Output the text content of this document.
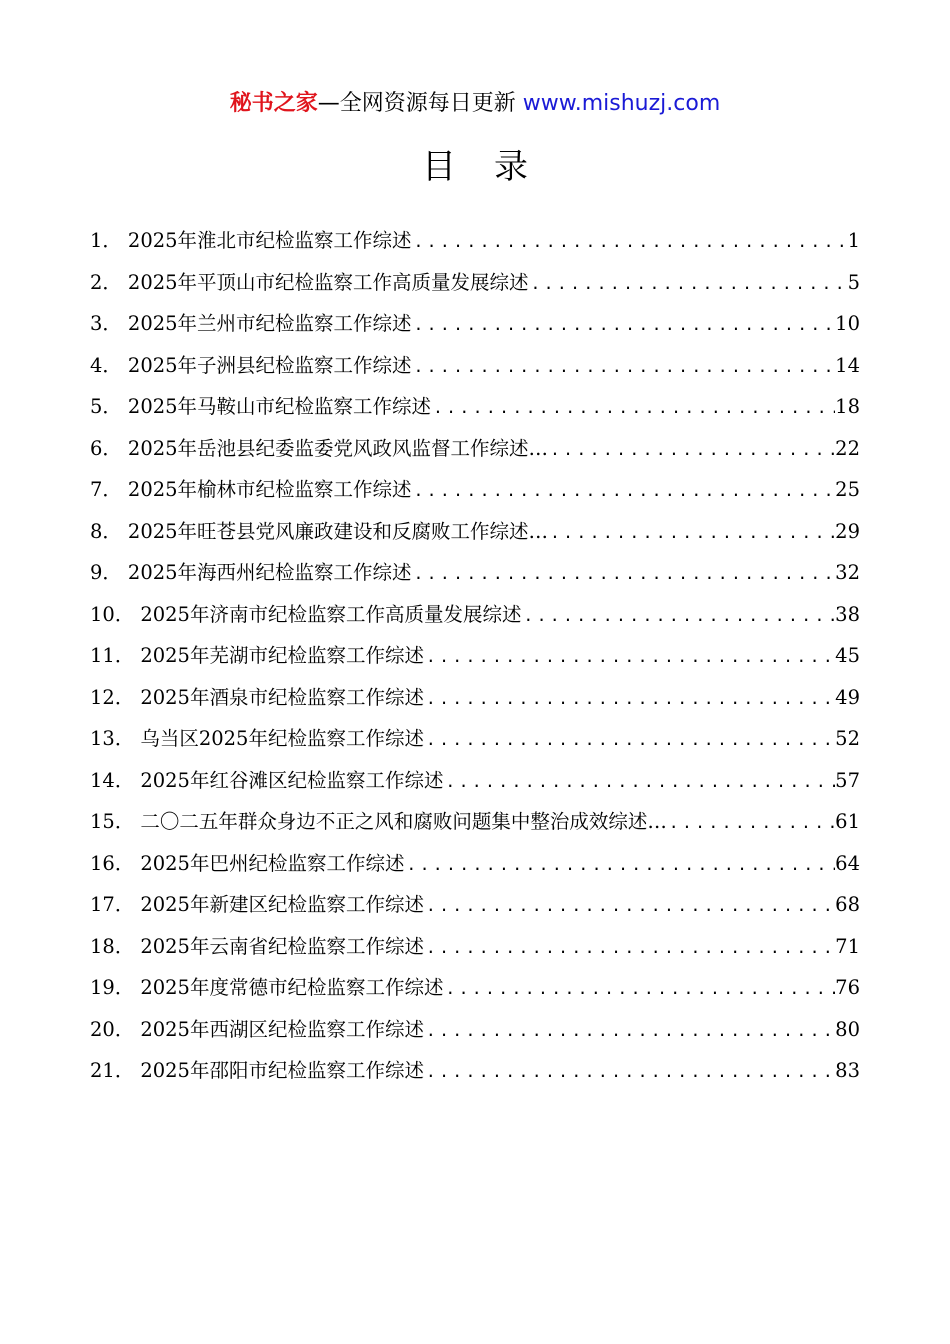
秘书之家—全网资源每日更新 www.mishuzj.com
目录
1． 2025年淮北市纪检监察工作综述 .....	1
2． 2025年平顶山市纪检监察工作高质量发展综述 .....	5
3． 2025年兰州市纪检监察工作综述 .....	10
4． 2025年子洲县纪检监察工作综述 .....	14
5． 2025年马鞍山市纪检监察工作综述 .....	18
6． 2025年岳池县纪委监委党风政风监督工作综述… .....	22
7． 2025年榆林市纪检监察工作综述 .....	25
8． 2025年旺苍县党风廉政建设和反腐败工作综述… .....	29
9． 2025年海西州纪检监察工作综述 .....	32
10． 2025年济南市纪检监察工作高质量发展综述 .....	38
11． 2025年芜湖市纪检监察工作综述 .....	45
12． 2025年酒泉市纪检监察工作综述 .....	49
13． 乌当区2025年纪检监察工作综述 .....	52
14． 2025年红谷滩区纪检监察工作综述 .....	57
15． 二〇二五年群众身边不正之风和腐败问题集中整治成效综述… .....	61
16． 2025年巴州纪检监察工作综述 .....	64
17． 2025年新建区纪检监察工作综述 .....	68
18． 2025年云南省纪检监察工作综述 .....	71
19． 2025年度常德市纪检监察工作综述 .....	76
20． 2025年西湖区纪检监察工作综述 .....	80
21． 2025年邵阳市纪检监察工作综述 .....	83
